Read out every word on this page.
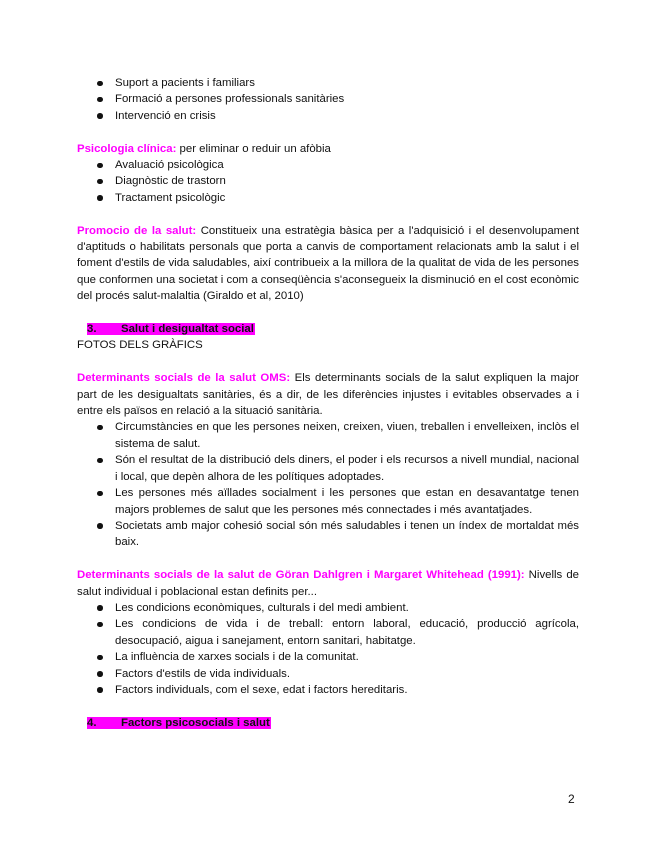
Suport a pacients i familiars
Formació a persones professionals sanitàries
Intervenció en crisis

Psicologia clínica: per eliminar o reduir un afòbia

Avaluació psicològica
Diagnòstic de trastorn
Tractament psicològic

Promocio de la salut: Constitueix una estratègia bàsica per a l'adquisició i el desenvolupament d'aptituds o habilitats personals que porta a canvis de comportament relacionats amb la salut i el foment d'estils de vida saludables, així contribueix a la millora de la qualitat de vida de les persones que conformen una societat i com a conseqüència s'aconsegueix la disminució en el cost econòmic del procés salut-malaltia (Giraldo et al, 2010)

3. Salut i desigualtat social

FOTOS DELS GRÀFICS

Determinants socials de la salut OMS: Els determinants socials de la salut expliquen la major part de les desigualtats sanitàries, és a dir, de les diferències injustes i evitables observades a i entre els països en relació a la situació sanitària.

Circumstàncies en que les persones neixen, creixen, viuen, treballen i envelleixen, inclòs el sistema de salut.
Són el resultat de la distribució dels diners, el poder i els recursos a nivell mundial, nacional i local, que depèn alhora de les polítiques adoptades.
Les persones més aïllades socialment i les persones que estan en desavantatge tenen majors problemes de salut que les persones més connectades i més avantatjades.
Societats amb major cohesió social són més saludables i tenen un índex de mortaldat més baix.

Determinants socials de la salut de Göran Dahlgren i Margaret Whitehead (1991): Nivells de salut individual i poblacional estan definits per...

Les condicions econòmiques, culturals i del medi ambient.
Les condicions de vida i de treball: entorn laboral, educació, producció agrícola, desocupació, aigua i sanejament, entorn sanitari, habitatge.
La influència de xarxes socials i de la comunitat.
Factors d'estils de vida individuals.
Factors individuals, com el sexe, edat i factors hereditaris.

4. Factors psicosocials i salut

2
